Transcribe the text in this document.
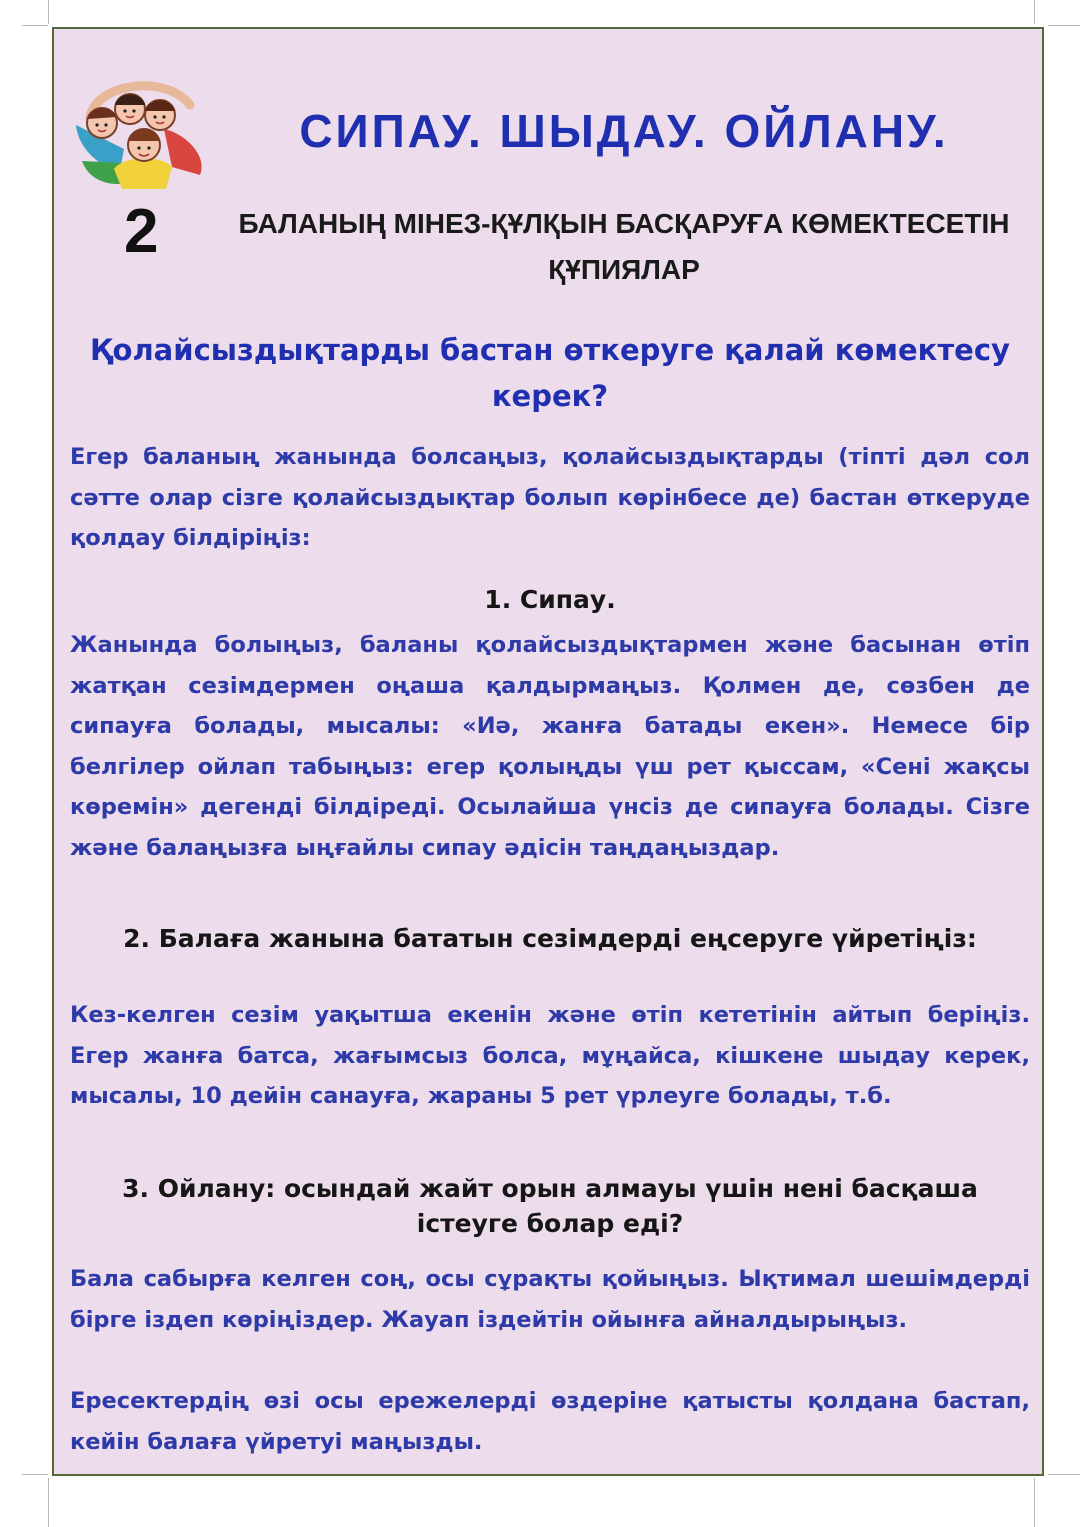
СИПАУ. ШЫДАУ. ОЙЛАНУ.
2	БАЛАНЫҢ МІНЕЗ-ҚҰЛҚЫН БАСҚАРУҒА КӨМЕКТЕСЕТІН ҚҰПИЯЛАР
Қолайсыздықтарды бастан өткеруге қалай көмектесу керек?
Егер баланың жанында болсаңыз, қолайсыздықтарды (тіпті дәл сол сәтте олар сізге қолайсыздықтар болып көрінбесе де) бастан өткеруде қолдау білдіріңіз:
1. Сипау.
Жанында болыңыз, баланы қолайсыздықтармен және басынан өтіп жатқан сезімдермен оңаша қалдырмаңыз. Қолмен де, сөзбен де сипауға болады, мысалы: «Иә, жанға батады екен». Немесе бір белгілер ойлап табыңыз: егер қолыңды үш рет қыссам, «Сені жақсы көремін» дегенді білдіреді. Осылайша үнсіз де сипауға болады. Сізге және балаңызға ыңғайлы сипау әдісін таңдаңыздар.
2. Балаға жанына бататын сезімдерді еңсеруге үйретіңіз:
Кез-келген сезім уақытша екенін және өтіп кететінін айтып беріңіз. Егер жанға батса, жағымсыз болса, мұңайса, кішкене шыдау керек, мысалы, 10 дейін санауға, жараны 5 рет үрлеуге болады, т.б.
3. Ойлану: осындай жайт орын алмауы үшін нені басқаша істеуге болар еді?
Бала сабырға келген соң, осы сұрақты қойыңыз. Ықтимал шешімдерді бірге іздеп көріңіздер. Жауап іздейтін ойынға айналдырыңыз.
Ересектердің өзі осы ережелерді өздеріне қатысты қолдана бастап, кейін балаға үйретуі маңызды.
